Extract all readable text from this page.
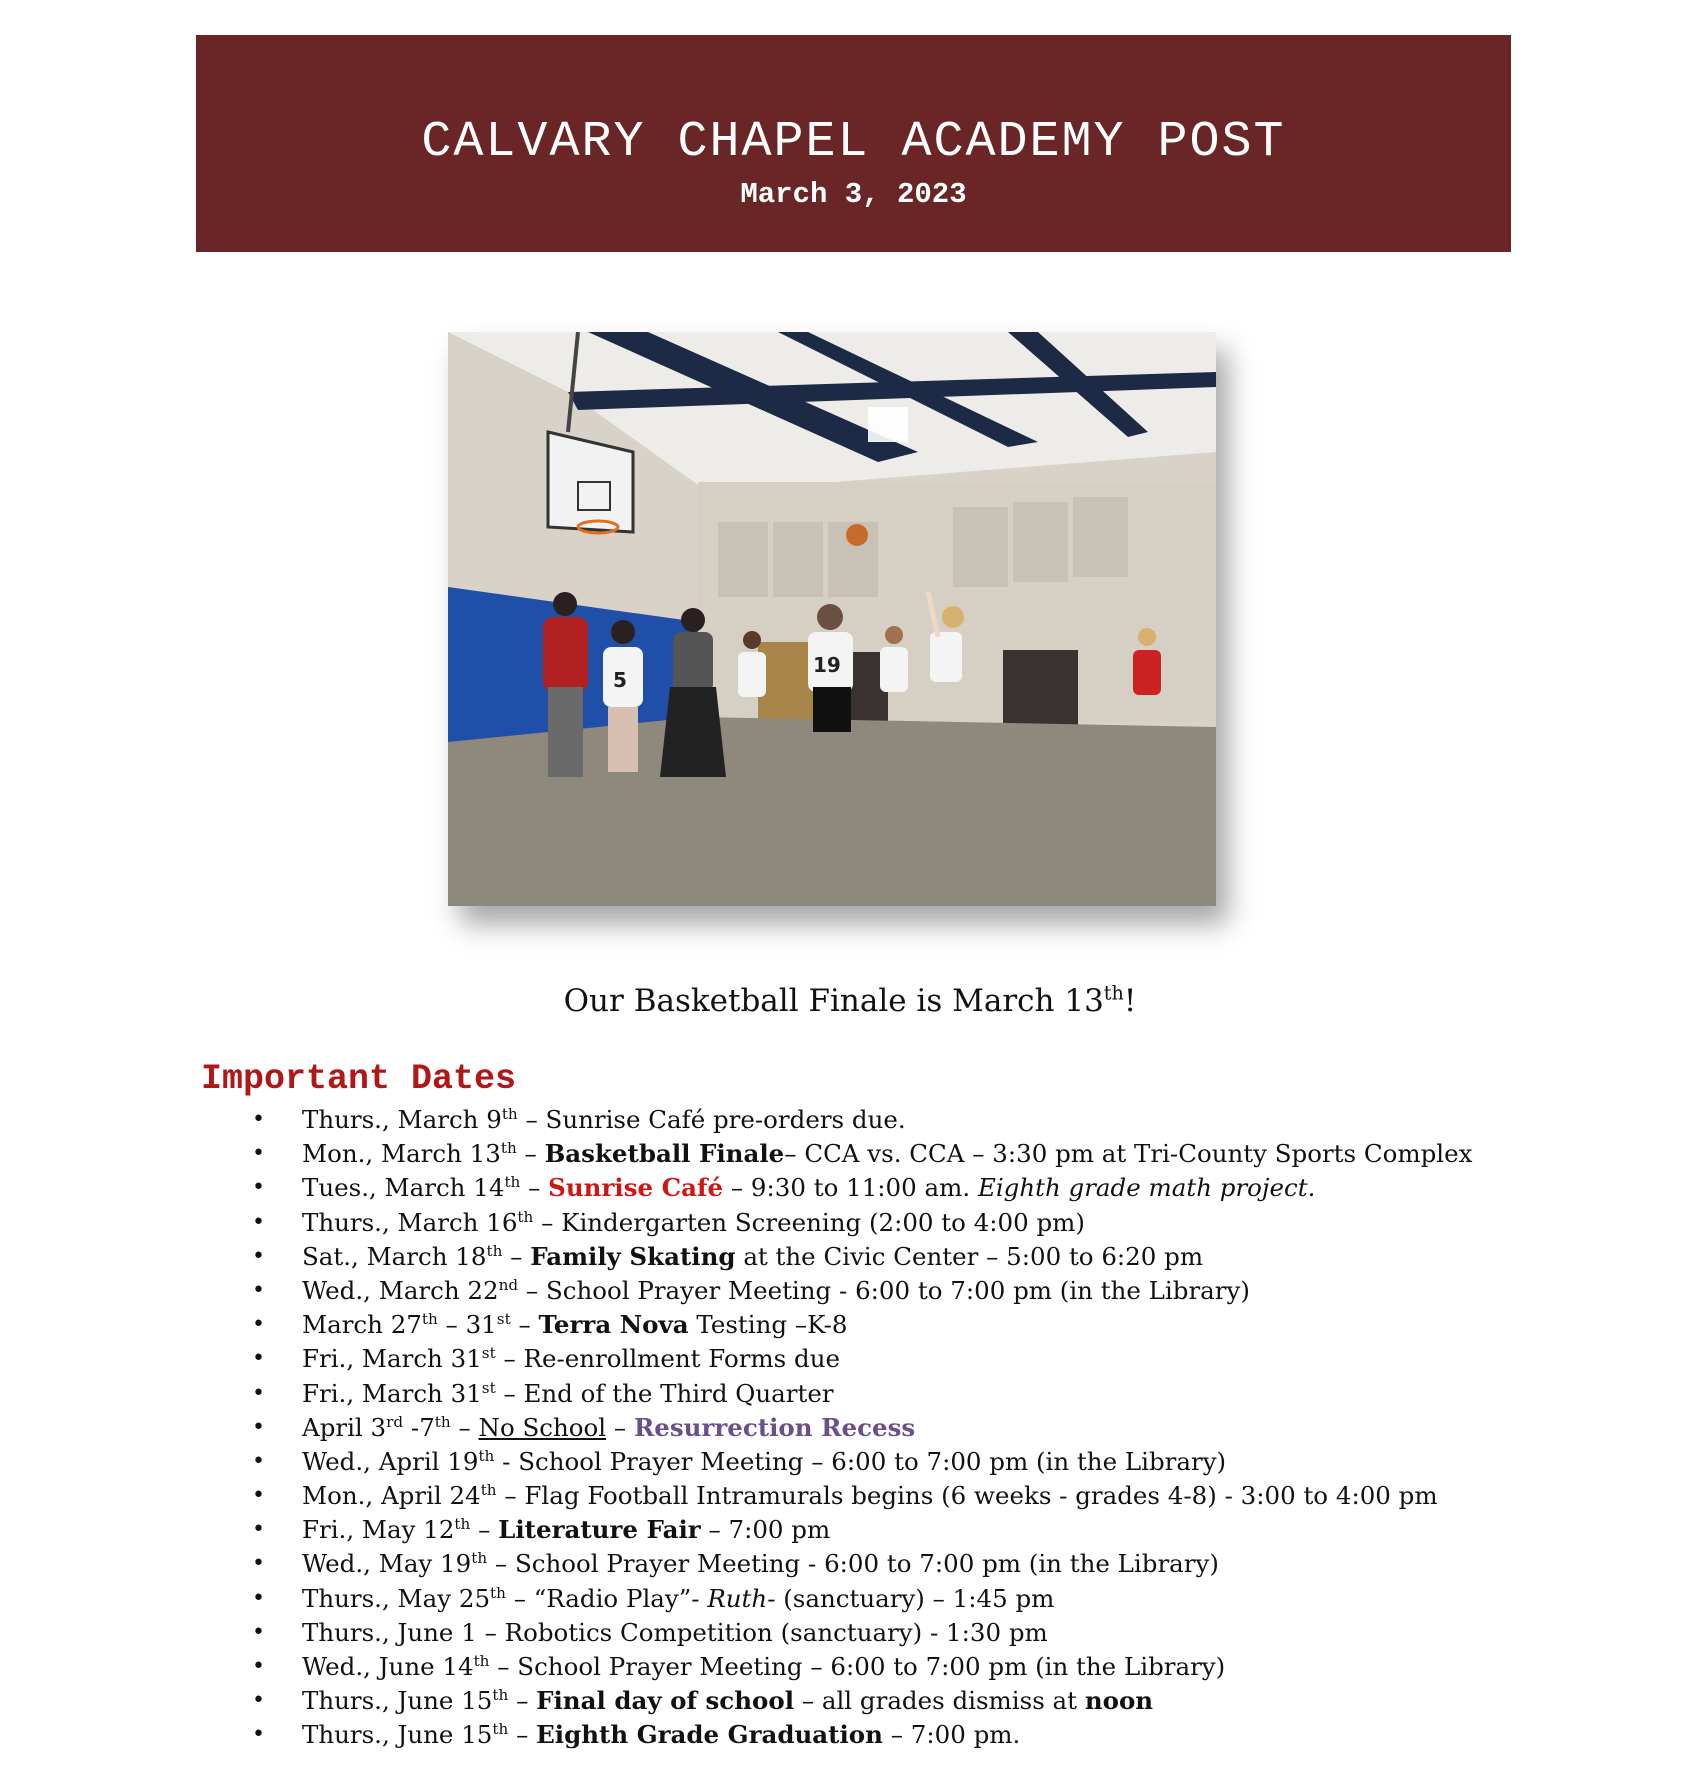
CALVARY CHAPEL ACADEMY POST
March 3, 2023
5
19
Our Basketball Finale is March 13th!
Important Dates
• Thurs., March 9th – Sunrise Café pre-orders due.
• Mon., March 13th – Basketball Finale– CCA vs. CCA – 3:30 pm at Tri-County Sports Complex
• Tues., March 14th – Sunrise Café – 9:30 to 11:00 am. Eighth grade math project.
• Thurs., March 16th – Kindergarten Screening (2:00 to 4:00 pm)
• Sat., March 18th – Family Skating at the Civic Center – 5:00 to 6:20 pm
• Wed., March 22nd – School Prayer Meeting - 6:00 to 7:00 pm (in the Library)
• March 27th – 31st – Terra Nova Testing –K-8
• Fri., March 31st – Re-enrollment Forms due
• Fri., March 31st – End of the Third Quarter
• April 3rd -7th – No School – Resurrection Recess
• Wed., April 19th - School Prayer Meeting – 6:00 to 7:00 pm (in the Library)
• Mon., April 24th – Flag Football Intramurals begins (6 weeks - grades 4-8) - 3:00 to 4:00 pm
• Fri., May 12th – Literature Fair – 7:00 pm
• Wed., May 19th – School Prayer Meeting - 6:00 to 7:00 pm (in the Library)
• Thurs., May 25th – “Radio Play”- Ruth- (sanctuary) – 1:45 pm
• Thurs., June 1 – Robotics Competition (sanctuary) - 1:30 pm
• Wed., June 14th – School Prayer Meeting – 6:00 to 7:00 pm (in the Library)
• Thurs., June 15th – Final day of school – all grades dismiss at noon
• Thurs., June 15th – Eighth Grade Graduation – 7:00 pm.
